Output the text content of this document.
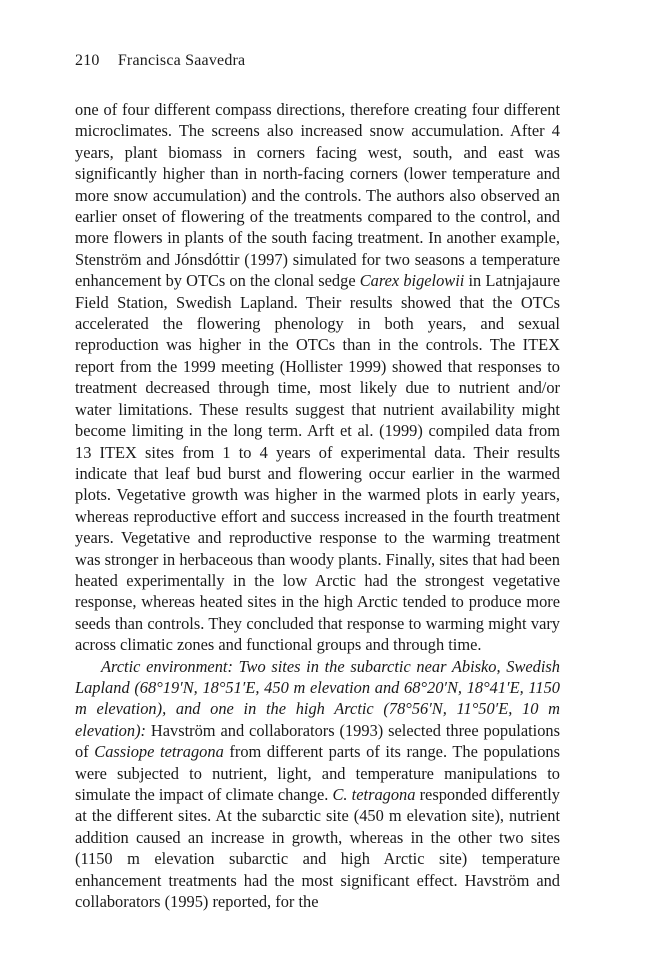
210 Francisca Saavedra

one of four different compass directions, therefore creating four different microclimates. The screens also increased snow accumulation. After 4 years, plant biomass in corners facing west, south, and east was significantly higher than in north-facing corners (lower temperature and more snow accumulation) and the controls. The authors also observed an earlier onset of flowering of the treatments compared to the control, and more flowers in plants of the south facing treatment. In another example, Stenström and Jónsdóttir (1997) simulated for two seasons a temperature enhancement by OTCs on the clonal sedge Carex bigelowii in Latnjajaure Field Station, Swedish Lapland. Their results showed that the OTCs accelerated the flowering phenology in both years, and sexual reproduction was higher in the OTCs than in the controls. The ITEX report from the 1999 meeting (Hollister 1999) showed that responses to treatment decreased through time, most likely due to nutrient and/or water limitations. These results suggest that nutrient availability might become limiting in the long term. Arft et al. (1999) compiled data from 13 ITEX sites from 1 to 4 years of experimental data. Their results indicate that leaf bud burst and flowering occur earlier in the warmed plots. Vegetative growth was higher in the warmed plots in early years, whereas reproductive effort and success increased in the fourth treatment years. Vegetative and reproductive response to the warming treatment was stronger in herbaceous than woody plants. Finally, sites that had been heated experimentally in the low Arctic had the strongest vegetative response, whereas heated sites in the high Arctic tended to produce more seeds than controls. They concluded that response to warming might vary across climatic zones and functional groups and through time.

Arctic environment: Two sites in the subarctic near Abisko, Swedish Lapland (68°19′N, 18°51′E, 450 m elevation and 68°20′N, 18°41′E, 1150 m elevation), and one in the high Arctic (78°56′N, 11°50′E, 10 m elevation): Havström and collaborators (1993) selected three populations of Cassiope tetragona from different parts of its range. The populations were subjected to nutrient, light, and temperature manipulations to simulate the impact of climate change. C. tetragona responded differently at the different sites. At the subarctic site (450 m elevation site), nutrient addition caused an increase in growth, whereas in the other two sites (1150 m elevation subarctic and high Arctic site) temperature enhancement treatments had the most significant effect. Havström and collaborators (1995) reported, for the
